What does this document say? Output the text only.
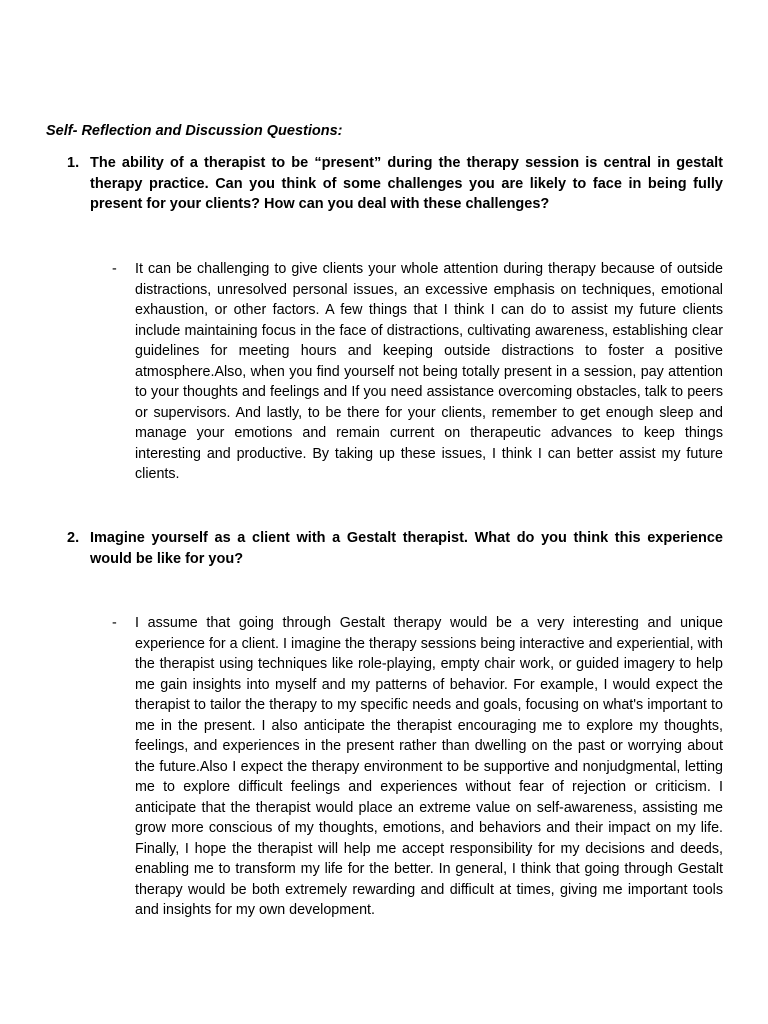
Self- Reflection and Discussion Questions:
1. The ability of a therapist to be “present” during the therapy session is central in gestalt therapy practice. Can you think of some challenges you are likely to face in being fully present for your clients? How can you deal with these challenges?
- It can be challenging to give clients your whole attention during therapy because of outside distractions, unresolved personal issues, an excessive emphasis on techniques, emotional exhaustion, or other factors. A few things that I think I can do to assist my future clients include maintaining focus in the face of distractions, cultivating awareness, establishing clear guidelines for meeting hours and keeping outside distractions to foster a positive atmosphere.Also, when you find yourself not being totally present in a session, pay attention to your thoughts and feelings and If you need assistance overcoming obstacles, talk to peers or supervisors. And lastly, to be there for your clients, remember to get enough sleep and manage your emotions and remain current on therapeutic advances to keep things interesting and productive. By taking up these issues, I think I can better assist my future clients.
2. Imagine yourself as a client with a Gestalt therapist. What do you think this experience would be like for you?
- I assume that going through Gestalt therapy would be a very interesting and unique experience for a client. I imagine the therapy sessions being interactive and experiential, with the therapist using techniques like role-playing, empty chair work, or guided imagery to help me gain insights into myself and my patterns of behavior. For example, I would expect the therapist to tailor the therapy to my specific needs and goals, focusing on what's important to me in the present. I also anticipate the therapist encouraging me to explore my thoughts, feelings, and experiences in the present rather than dwelling on the past or worrying about the future.Also I expect the therapy environment to be supportive and nonjudgmental, letting me to explore difficult feelings and experiences without fear of rejection or criticism. I anticipate that the therapist would place an extreme value on self-awareness, assisting me grow more conscious of my thoughts, emotions, and behaviors and their impact on my life. Finally, I hope the therapist will help me accept responsibility for my decisions and deeds, enabling me to transform my life for the better. In general, I think that going through Gestalt therapy would be both extremely rewarding and difficult at times, giving me important tools and insights for my own development.
